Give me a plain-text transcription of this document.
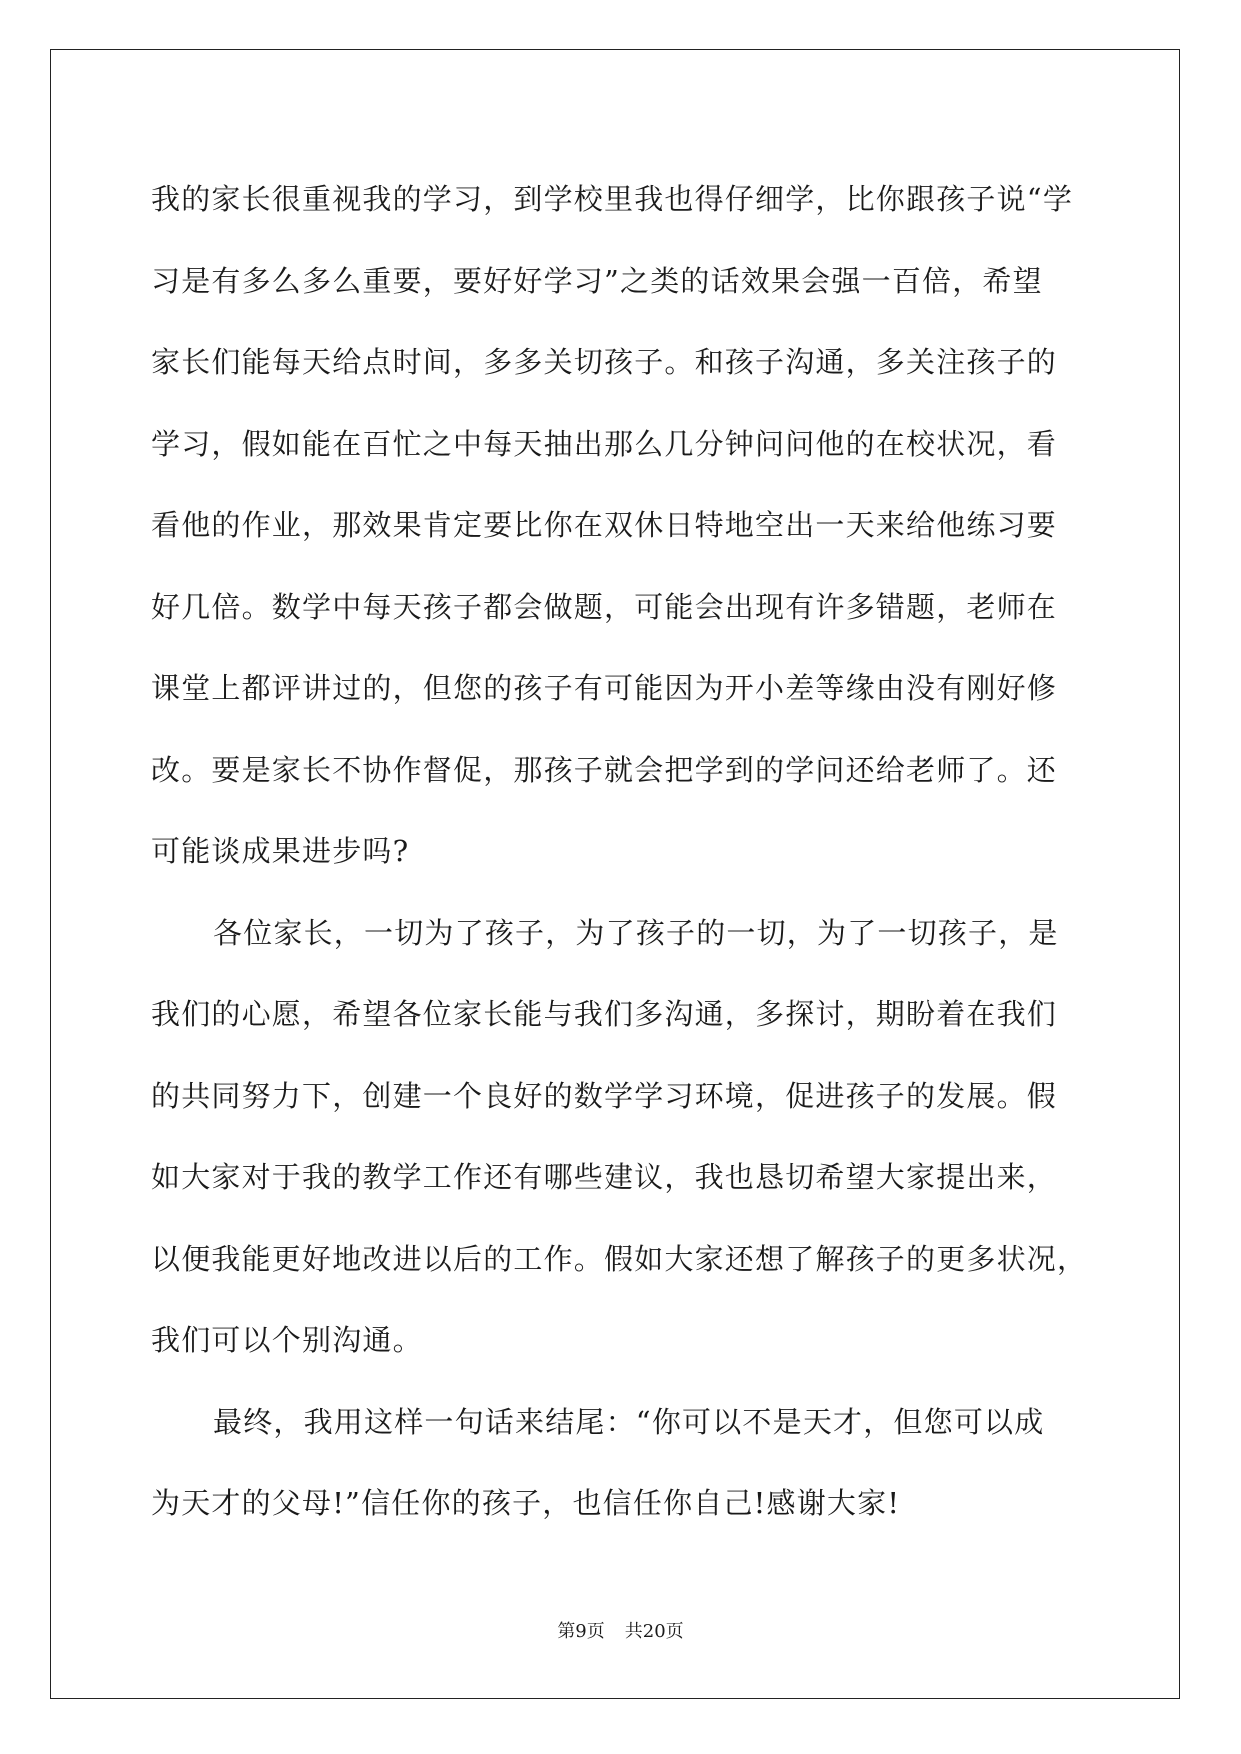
我的家长很重视我的学习，到学校里我也得仔细学，比你跟孩子说“学
习是有多么多么重要，要好好学习”之类的话效果会强一百倍，希望
家长们能每天给点时间，多多关切孩子。和孩子沟通，多关注孩子的
学习，假如能在百忙之中每天抽出那么几分钟问问他的在校状况，看
看他的作业，那效果肯定要比你在双休日特地空出一天来给他练习要
好几倍。数学中每天孩子都会做题，可能会出现有许多错题，老师在
课堂上都评讲过的，但您的孩子有可能因为开小差等缘由没有刚好修
改。要是家长不协作督促，那孩子就会把学到的学问还给老师了。还
可能谈成果进步吗?
各位家长，一切为了孩子，为了孩子的一切，为了一切孩子，是
我们的心愿，希望各位家长能与我们多沟通，多探讨，期盼着在我们
的共同努力下，创建一个良好的数学学习环境，促进孩子的发展。假
如大家对于我的教学工作还有哪些建议，我也恳切希望大家提出来，
以便我能更好地改进以后的工作。假如大家还想了解孩子的更多状况，
我们可以个别沟通。
最终，我用这样一句话来结尾：“你可以不是天才，但您可以成
为天才的父母!”信任你的孩子，也信任你自己!感谢大家!
第9页 共20页
